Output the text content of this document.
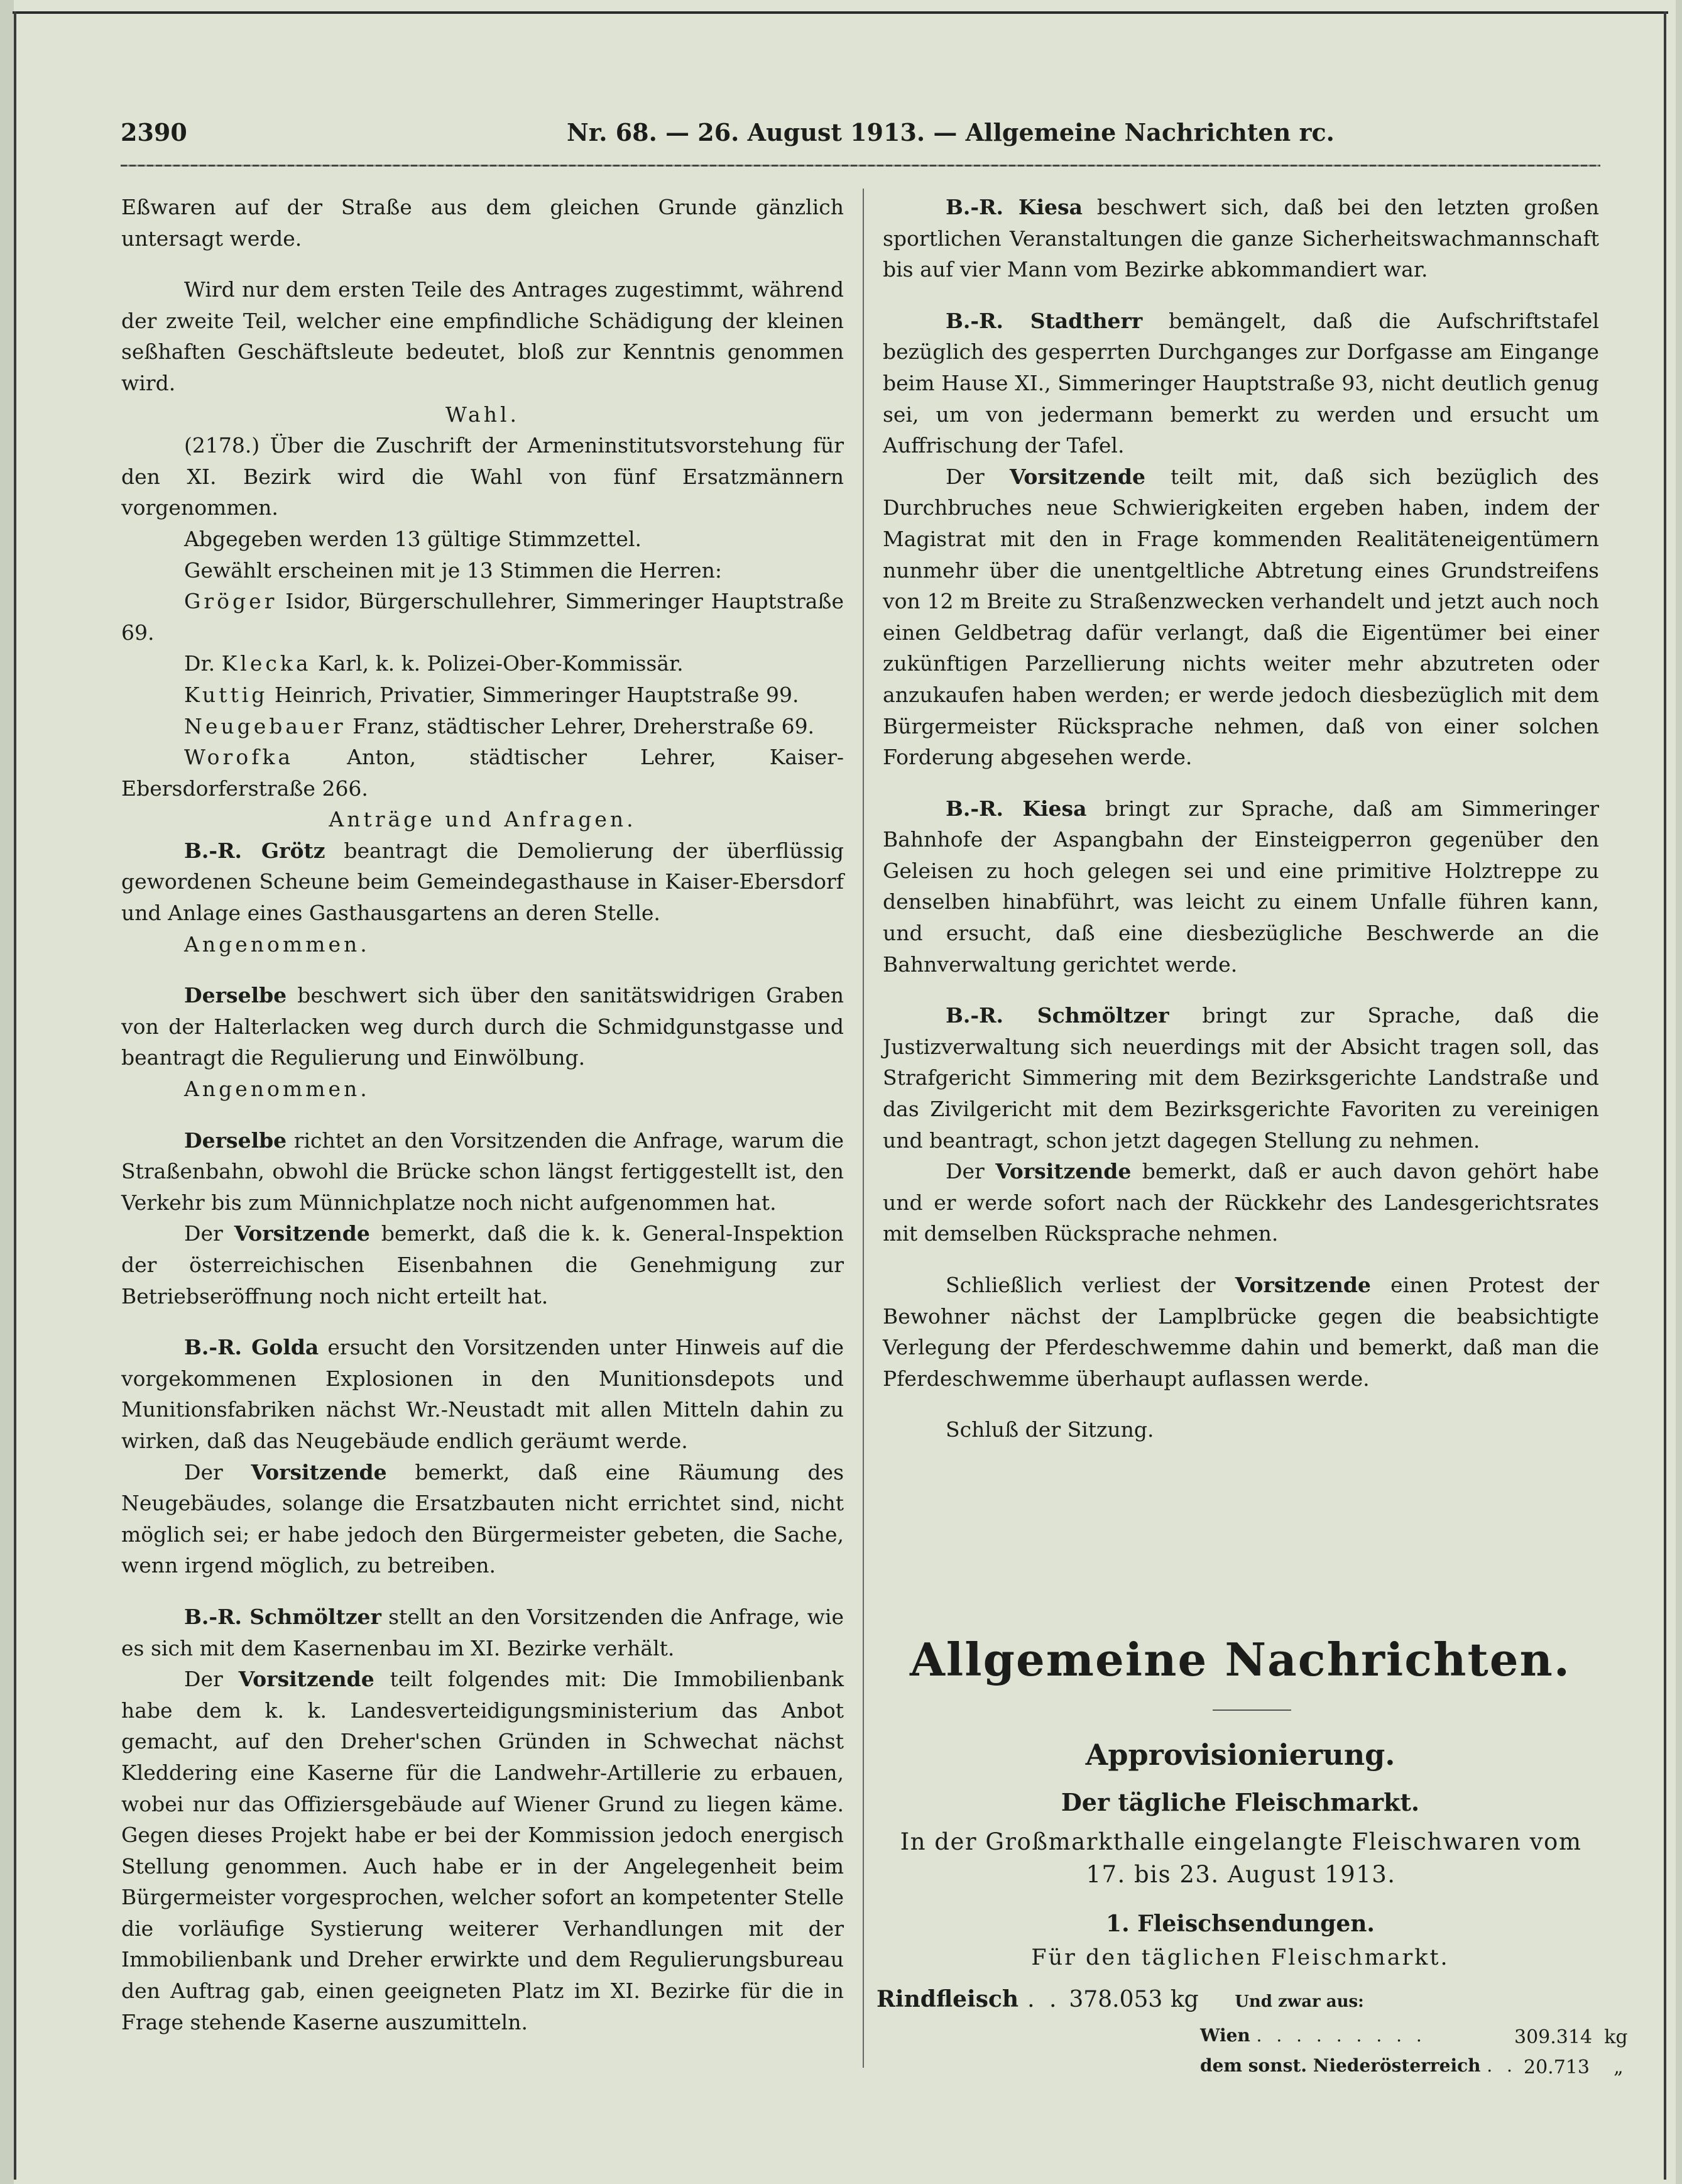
2390	Nr. 68. — 26. August 1913. — Allgemeine Nachrichten rc.

Eßwaren auf der Straße aus dem gleichen Grunde gänzlich untersagt werde.

Wird nur dem ersten Teile des Antrages zugestimmt, während der zweite Teil, welcher eine empfindliche Schädigung der kleinen seßhaften Geschäftsleute bedeutet, bloß zur Kenntnis genommen wird.

Wahl.

(2178.) Über die Zuschrift der Armeninstitutsvorstehung für den XI. Bezirk wird die Wahl von fünf Ersatzmännern vorgenommen.

Abgegeben werden 13 gültige Stimmzettel.

Gewählt erscheinen mit je 13 Stimmen die Herren:

Gröger Isidor, Bürgerschullehrer, Simmeringer Hauptstraße 69.

Dr. Klecka Karl, k. k. Polizei-Ober-Kommissär.

Kuttig Heinrich, Privatier, Simmeringer Hauptstraße 99.

Neugebauer Franz, städtischer Lehrer, Dreherstraße 69.

Worofka	Anton, städtischer Lehrer, Kaiser-Ebersdorferstraße 266.

Anträge und Anfragen.

B.-R. Grötz beantragt die Demolierung der überflüssig gewordenen Scheune beim Gemeindegasthause in Kaiser-Ebersdorf und Anlage eines Gasthausgartens an deren Stelle.

Angenommen.

Derselbe beschwert sich über den sanitätswidrigen Graben von der Halterlacken weg durch durch die Schmidgunstgasse und beantragt die Regulierung und Einwölbung.

Angenommen.

Derselbe richtet an den Vorsitzenden die Anfrage, warum die Straßenbahn, obwohl die Brücke schon längst fertiggestellt ist, den Verkehr bis zum Münnichplatze noch nicht aufgenommen hat.

Der Vorsitzende bemerkt, daß die k. k. General-Inspektion der österreichischen Eisenbahnen die Genehmigung zur Betriebseröffnung noch nicht erteilt hat.

B.-R. Golda ersucht den Vorsitzenden unter Hinweis auf die vorgekommenen Explosionen in den Munitionsdepots und Munitionsfabriken nächst Wr.-Neustadt mit allen Mitteln dahin zu wirken, daß das Neugebäude endlich geräumt werde.

Der Vorsitzende bemerkt, daß eine Räumung des Neugebäudes, solange die Ersatzbauten nicht errichtet sind, nicht möglich sei; er habe jedoch den Bürgermeister gebeten, die Sache, wenn irgend möglich, zu betreiben.

B.-R. Schmöltzer stellt an den Vorsitzenden die Anfrage, wie es sich mit dem Kasernenbau im XI. Bezirke verhält.

Der Vorsitzende teilt folgendes mit: Die Immobilienbank habe dem k. k. Landesverteidigungsministerium das Anbot gemacht, auf den Dreher'schen Gründen in Schwechat nächst Kleddering eine Kaserne für die Landwehr-Artillerie zu erbauen, wobei nur das Offiziersgebäude auf Wiener Grund zu liegen käme. Gegen dieses Projekt habe er bei der Kommission jedoch energisch Stellung genommen. Auch habe er in der Angelegenheit beim Bürgermeister vorgesprochen, welcher sofort an kompetenter Stelle die vorläufige Systierung weiterer Verhandlungen mit der Immobilienbank und Dreher erwirkte und dem Regulierungsbureau den Auftrag gab, einen geeigneten Platz im XI. Bezirke für die in Frage stehende Kaserne auszumitteln.

B.-R. Kiesa beschwert sich, daß bei den letzten großen sportlichen Veranstaltungen die ganze Sicherheitswachmannschaft bis auf vier Mann vom Bezirke abkommandiert war.

B.-R. Stadtherr bemängelt, daß die Aufschriftstafel bezüglich des gesperrten Durchganges zur Dorfgasse am Eingange beim Hause XI., Simmeringer Hauptstraße 93, nicht deutlich genug sei, um von jedermann bemerkt zu werden und ersucht um Auffrischung der Tafel.

Der Vorsitzende teilt mit, daß sich bezüglich des Durchbruches neue Schwierigkeiten ergeben haben, indem der Magistrat mit den in Frage kommenden Realitäteneigentümern nunmehr über die unentgeltliche Abtretung eines Grundstreifens von 12 m Breite zu Straßenzwecken verhandelt und jetzt auch noch einen Geldbetrag dafür verlangt, daß die Eigentümer bei einer zukünftigen Parzellierung nichts weiter mehr abzutreten oder anzukaufen haben werden; er werde jedoch diesbezüglich mit dem Bürgermeister Rücksprache nehmen, daß von einer solchen Forderung abgesehen werde.

B.-R. Kiesa bringt zur Sprache, daß am Simmeringer Bahnhofe der Aspangbahn der Einsteigperron gegenüber den Geleisen zu hoch gelegen sei und eine primitive Holztreppe zu denselben hinabführt, was leicht zu einem Unfalle führen kann, und ersucht, daß eine diesbezügliche Beschwerde an die Bahnverwaltung gerichtet werde.

B.-R. Schmöltzer bringt zur Sprache, daß die Justizverwaltung sich neuerdings mit der Absicht tragen soll, das Strafgericht Simmering mit dem Bezirksgerichte Landstraße und das Zivilgericht mit dem Bezirksgerichte Favoriten zu vereinigen und beantragt, schon jetzt dagegen Stellung zu nehmen.

Der Vorsitzende bemerkt, daß er auch davon gehört habe und er werde sofort nach der Rückkehr des Landesgerichtsrates mit demselben Rücksprache nehmen.

Schließlich verliest der Vorsitzende einen Protest der Bewohner nächst der Lamplbrücke gegen die beabsichtigte Verlegung der Pferdeschwemme dahin und bemerkt, daß man die Pferdeschwemme überhaupt auflassen werde.

Schluß der Sitzung.

Allgemeine Nachrichten.
Approvisionierung.
Der tägliche Fleischmarkt.
In der Großmarkthalle eingelangte Fleischwaren vom 17. bis 23. August 1913.
1. Fleischsendungen.
Für den täglichen Fleischmarkt.
Rindfleisch . . 378.053 kg Und zwar aus:
Wien . . . . . . . . .	309.314 kg
dem sonst. Niederösterreich . . 20.713 „
